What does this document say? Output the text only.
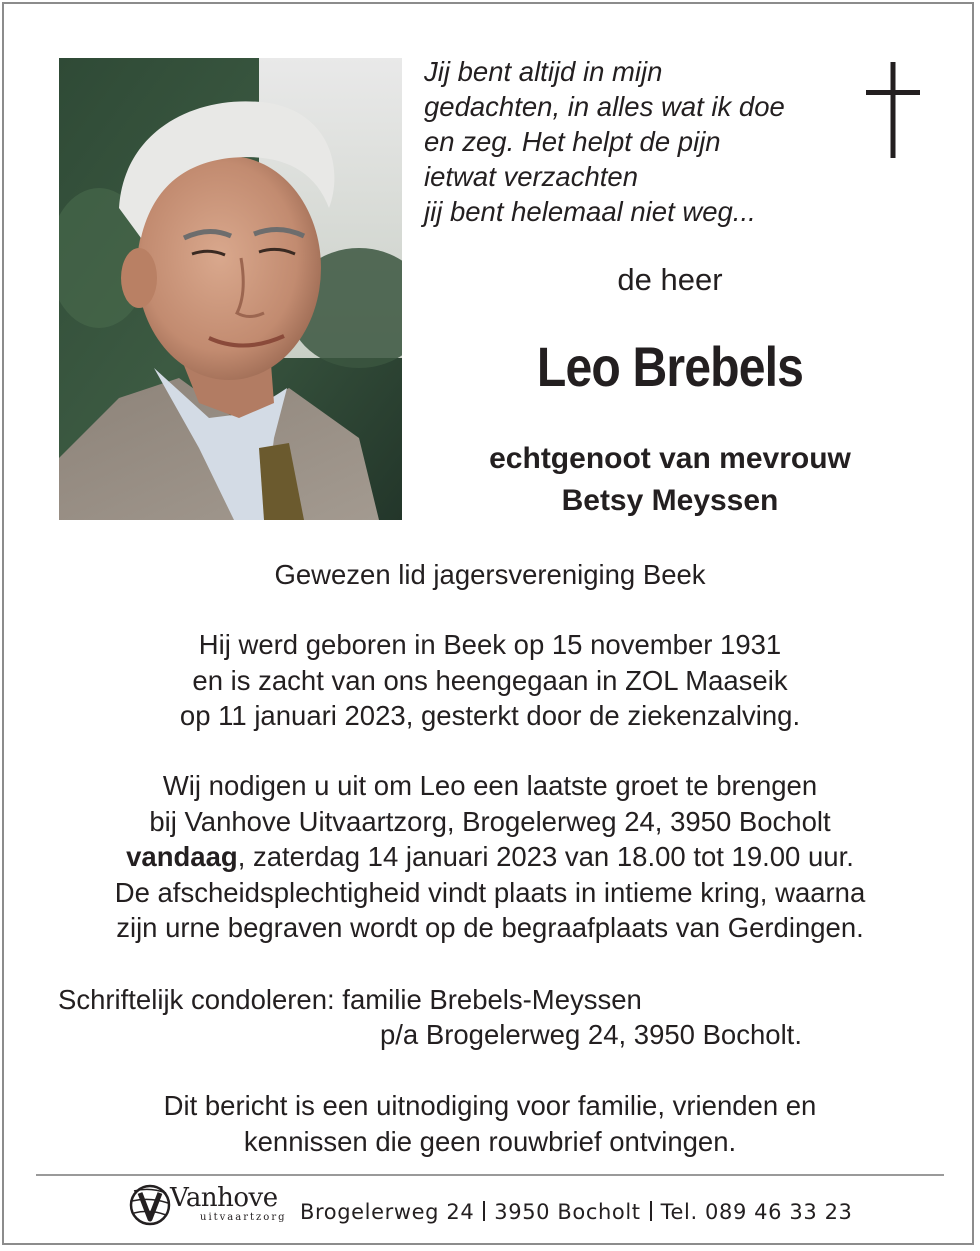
Jij bent altijd in mijn
gedachten, in alles wat ik doe
en zeg. Het helpt de pijn
ietwat verzachten
jij bent helemaal niet weg...
de heer
Leo Brebels
echtgenoot van mevrouw
Betsy Meyssen
Gewezen lid jagersvereniging Beek
Hij werd geboren in Beek op 15 november 1931
en is zacht van ons heengegaan in ZOL Maaseik
op 11 januari 2023, gesterkt door de ziekenzalving.
Wij nodigen u uit om Leo een laatste groet te brengen
bij Vanhove Uitvaartzorg, Brogelerweg 24, 3950 Bocholt
vandaag, zaterdag 14 januari 2023 van 18.00 tot 19.00 uur.
De afscheidsplechtigheid vindt plaats in intieme kring, waarna
zijn urne begraven wordt op de begraafplaats van Gerdingen.
Schriftelijk condoleren: familie Brebels-Meyssen
p/a Brogelerweg 24, 3950 Bocholt.
Dit bericht is een uitnodiging voor familie, vrienden en
kennissen die geen rouwbrief ontvingen.
Vanhove
uitvaartzorg Brogelerweg 24 3950 Bocholt Tel. 089 46 33 23
